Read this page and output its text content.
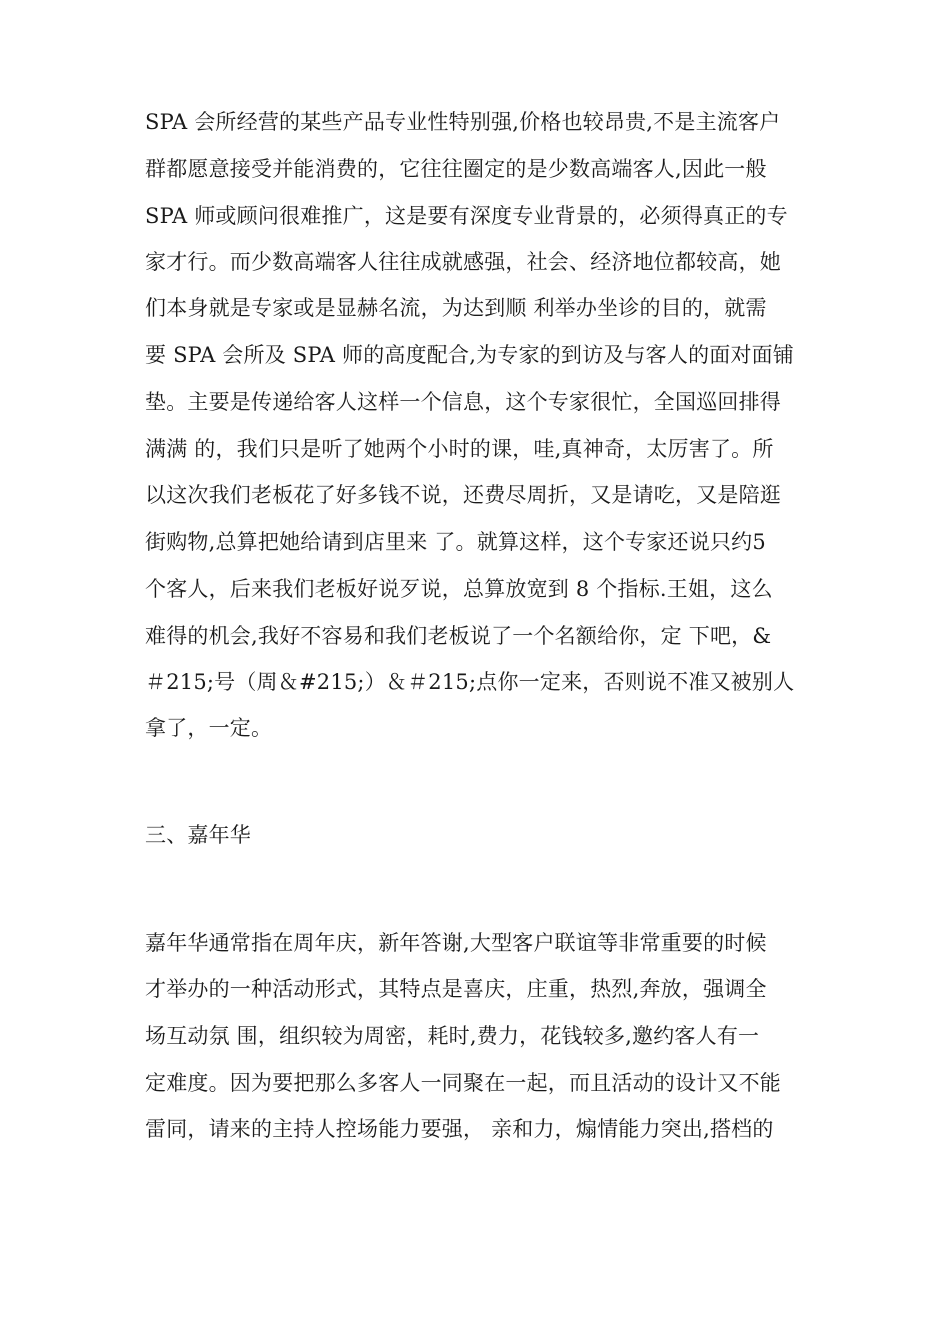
SPA 会所经营的某些产品专业性特别强,价格也较昂贵,不是主流客户
群都愿意接受并能消费的，它往往圈定的是少数高端客人,因此一般
SPA 师或顾问很难推广，这是要有深度专业背景的，必须得真正的专
家才行。而少数高端客人往往成就感强，社会、经济地位都较高，她
们本身就是专家或是显赫名流，为达到顺 利举办坐诊的目的，就需
要 SPA 会所及 SPA 师的高度配合,为专家的到访及与客人的面对面铺
垫。主要是传递给客人这样一个信息，这个专家很忙，全国巡回排得
满满 的，我们只是听了她两个小时的课，哇,真神奇，太厉害了。所
以这次我们老板花了好多钱不说，还费尽周折，又是请吃，又是陪逛
街购物,总算把她给请到店里来 了。就算这样，这个专家还说只约5
个客人，后来我们老板好说歹说，总算放宽到 8 个指标.王姐，这么
难得的机会,我好不容易和我们老板说了一个名额给你，定 下吧，&
＃215;号（周＆#215;）＆＃215;点你一定来，否则说不准又被别人
拿了，一定。
三、嘉年华
嘉年华通常指在周年庆，新年答谢,大型客户联谊等非常重要的时候
才举办的一种活动形式，其特点是喜庆，庄重，热烈,奔放，强调全
场互动氛 围，组织较为周密，耗时,费力，花钱较多,邀约客人有一
定难度。因为要把那么多客人一同聚在一起，而且活动的设计又不能
雷同，请来的主持人控场能力要强， 亲和力，煽情能力突出,搭档的
